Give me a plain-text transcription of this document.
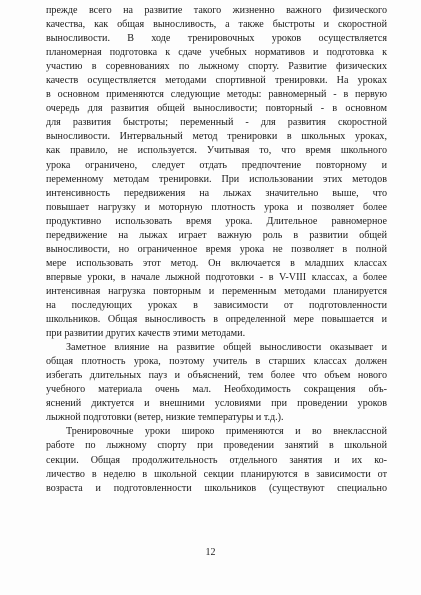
прежде всего на развитие такого жизненно важного физического
качества, как общая выносливость, а также быстроты и скоростной
выносливости. В ходе тренировочных уроков осуществляется
планомерная подготовка к сдаче учебных нормативов и подготовка к
участию в соревнованиях по лыжному спорту. Развитие физических
качеств осуществляется методами спортивной тренировки. На уроках
в основном применяются следующие методы: равномерный - в первую
очередь для развития общей выносливости; повторный - в основном
для развития быстроты; переменный - для развития скоростной
выносливости. Интервальный метод тренировки в школьных уроках,
как правило, не используется. Учитывая то, что время школьного
урока ограничено, следует отдать предпочтение повторному и
переменному методам тренировки. При использовании этих методов
интенсивность передвижения на лыжах значительно выше, что
повышает нагрузку и моторную плотность урока и позволяет более
продуктивно использовать время урока. Длительное равномерное
передвижение на лыжах играет важную роль в развитии общей
выносливости, но ограниченное время урока не позволяет в полной
мере использовать этот метод. Он включается в младших классах
впервые уроки, в начале лыжной подготовки - в V-VIII классах, а более
интенсивная нагрузка повторным и переменным методами планируется
на последующих уроках в зависимости от подготовленности
школьников. Общая выносливость в определенной мере повышается и
при развитии других качеств этими методами.
Заметное влияние на развитие общей выносливости оказывает и
общая плотность урока, поэтому учитель в старших классах должен
избегать длительных пауз и объяснений, тем более что объем нового
учебного материала очень мал. Необходимость сокращения объ-
яснений диктуется и внешними условиями при проведении уроков
лыжной подготовки (ветер, низкие температуры и т.д.).
Тренировочные уроки широко применяются и во внеклассной
работе по лыжному спорту при проведении занятий в школьной
секции. Общая продолжительность отдельного занятия и их ко-
личество в неделю в школьной секции планируются в зависимости от
возраста и подготовленности школьников (существуют специально
12
